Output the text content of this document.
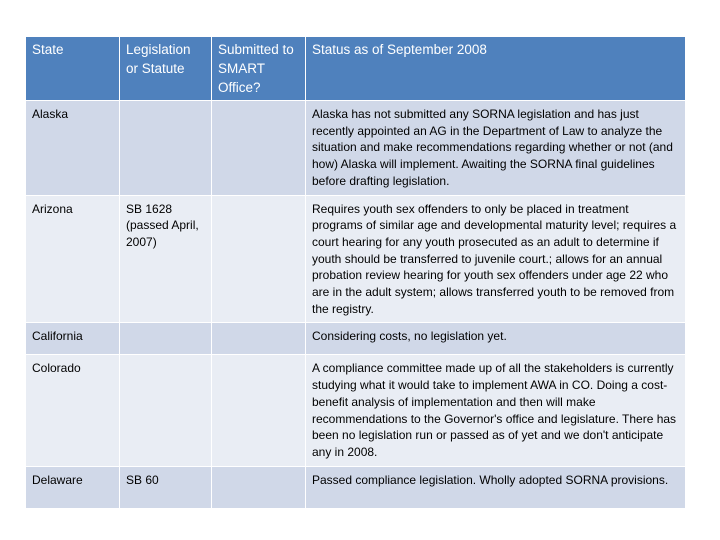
State	Legislation or Statute	Submitted to SMART Office?	Status as of September 2008
Alaska			Alaska has not submitted any SORNA legislation and has just recently appointed an AG in the Department of Law to analyze the situation and make recommendations regarding whether or not (and how) Alaska will implement. Awaiting the SORNA final guidelines before drafting legislation.
Arizona	SB 1628 (passed April, 2007)		Requires youth sex offenders to only be placed in treatment programs of similar age and developmental maturity level; requires a court hearing for any youth prosecuted as an adult to determine if youth should be transferred to juvenile court.; allows for an annual probation review hearing for youth sex offenders under age 22 who are in the adult system; allows transferred youth to be removed from the registry.
California			Considering costs, no legislation yet.
Colorado			A compliance committee made up of all the stakeholders is currently studying what it would take to implement AWA in CO. Doing a cost-benefit analysis of implementation and then will make recommendations to the Governor's office and legislature. There has been no legislation run or passed as of yet and we don't anticipate any in 2008.
Delaware	SB 60		Passed compliance legislation. Wholly adopted SORNA provisions.
